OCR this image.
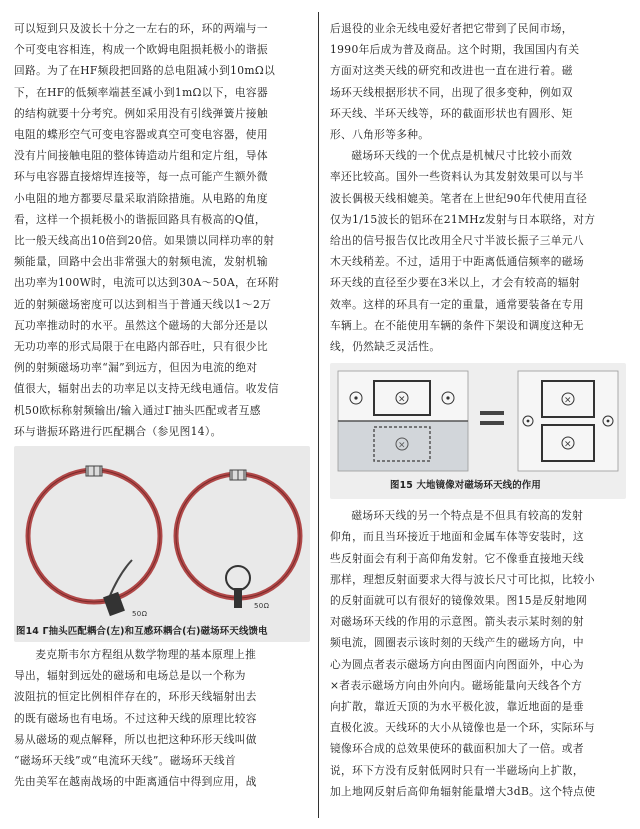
可以短到只及波长十分之一左右的环，环的两端与一
个可变电容相连，构成一个欧姆电阻损耗极小的谐振
回路。为了在HF频段把回路的总电阻减小到10mΩ以
下，在HF的低频率端甚至减小到1mΩ以下，电容器
的结构就要十分考究。例如采用没有引线弹簧片接触
电阻的蝶形空气可变电容器或真空可变电容器，使用
没有片间接触电阻的整体铸造动片组和定片组，导体
环与电容器直接熔焊连接等，每一点可能产生额外微
小电阻的地方都要尽量采取消除措施。从电路的角度
看，这样一个损耗极小的谐振回路具有极高的Q值，
比一般天线高出10倍到20倍。如果馈以同样功率的射
频能量，回路中会出非常强大的射频电流，发射机输
出功率为100W时，电流可以达到30A～50A，在环附
近的射频磁场密度可以达到相当于普通天线以1～2万
瓦功率推动时的水平。虽然这个磁场的大部分还是以
无功功率的形式局限于在电路内部吞吐，只有很少比
例的射频磁场功率“漏”到远方，但因为电流的绝对
值很大，辐射出去的功率足以支持无线电通信。收发信
机50欧标称射频输出/输入通过Γ抽头匹配或者互感
环与谐振环路进行匹配耦合（参见图14）。
50Ω
50Ω
图14 Γ抽头匹配耦合(左)和互感环耦合(右)磁场环天线馈电
麦克斯韦尔方程组从数学物理的基本原理上推
导出，辐射到远处的磁场和电场总是以一个称为
波阻抗的恒定比例相伴存在的，环形天线辐射出去
的既有磁场也有电场。不过这种天线的原理比较容
易从磁场的观点解释，所以也把这种环形天线叫做
“磁场环天线”或“电流环天线”。磁场环天线首
先由美军在越南战场的中距离通信中得到应用，战
后退役的业余无线电爱好者把它带到了民间市场，
1990年后成为普及商品。这个时期，我国国内有关
方面对这类天线的研究和改进也一直在进行着。磁
场环天线根据形状不同，出现了很多变种，例如双
环天线、半环天线等，环的截面形状也有圆形、矩
形、八角形等多种。
磁场环天线的一个优点是机械尺寸比较小而效
率还比较高。国外一些资料认为其发射效果可以与半
波长偶极天线相媲美。笔者在上世纪90年代使用直径
仅为1/15波长的铝环在21MHz发射与日本联络，对方
给出的信号报告仅比改用全尺寸半波长振子三单元八
木天线稍差。不过，适用于中距离低通信频率的磁场
环天线的直径至少要在3米以上，才会有较高的辐射
效率。这样的环具有一定的重量，通常要装备在专用
车辆上。在不能使用车辆的条件下架设和调度这种无
线，仍然缺乏灵活性。
×
×
×
×
图15 大地镜像对磁场环天线的作用
磁场环天线的另一个特点是不但具有较高的发射
仰角，而且当环接近于地面和金属车体等安装时，这
些反射面会有利于高仰角发射。它不像垂直接地天线
那样，理想反射面要求大得与波长尺寸可比拟，比较小
的反射面就可以有很好的镜像效果。图15是反射地网
对磁场环天线的作用的示意图。箭头表示某时刻的射
频电流，圆圈表示该时刻的天线产生的磁场方向，中
心为圆点者表示磁场方向由图面内向图面外，中心为
×者表示磁场方向由外向内。磁场能量向天线各个方
向扩散，靠近天顶的为水平极化波，靠近地面的是垂
直极化波。天线环的大小从镜像也是一个环，实际环与
镜像环合成的总效果使环的截面积加大了一倍。或者
说，环下方没有反射低网时只有一半磁场向上扩散，
加上地网反射后高仰角辐射能量增大3dB。这个特点使
